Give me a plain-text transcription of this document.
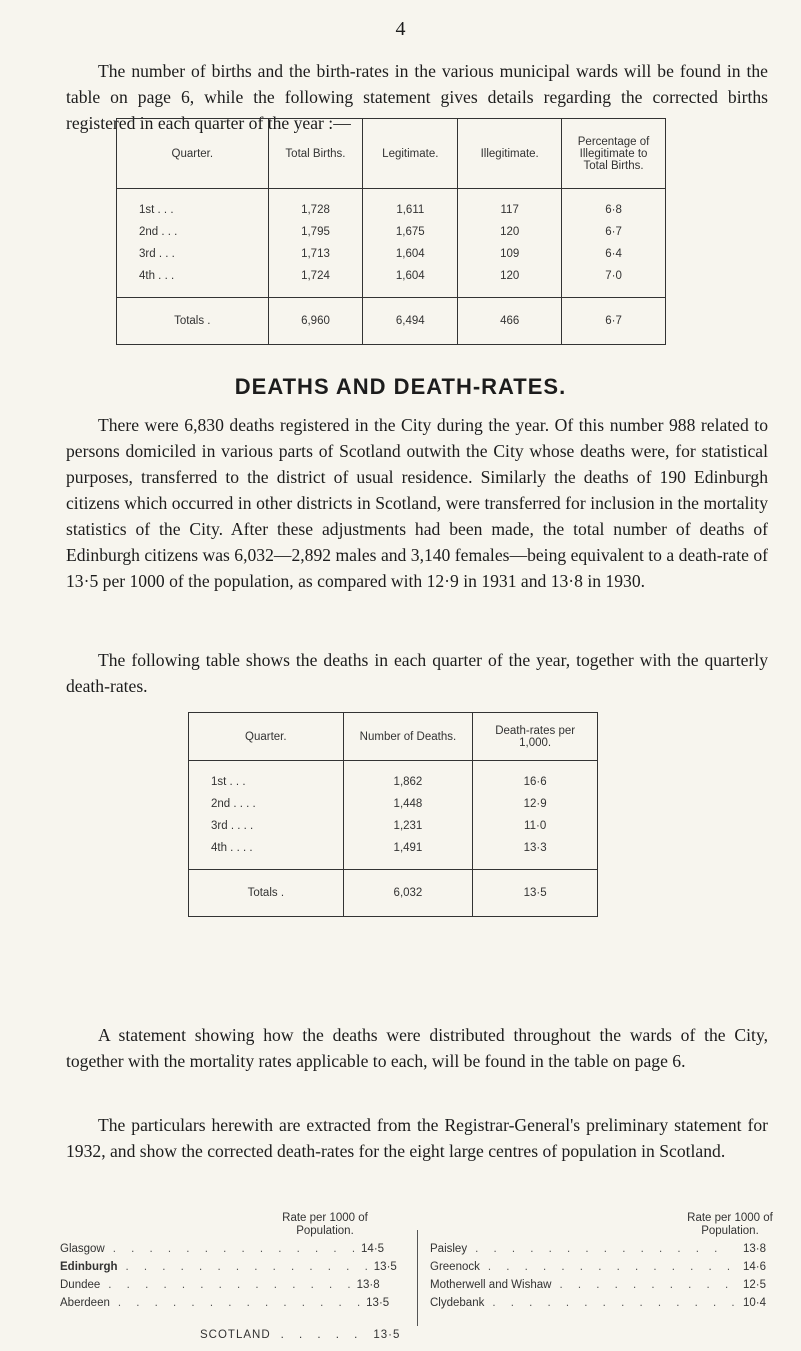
4

The number of births and the birth-rates in the various municipal wards will be found in the table on page 6, while the following statement gives details regarding the corrected births registered in each quarter of the year :—

Quarter.	Total Births.	Legitimate.	Illegitimate.	Percentage of Illegitimate to Total Births.
1st . . .	1,728	1,611	117	6·8
2nd . . .	1,795	1,675	120	6·7
3rd . . .	1,713	1,604	109	6·4
4th . . .	1,724	1,604	120	7·0
Totals .	6,960	6,494	466	6·7
DEATHS AND DEATH-RATES.

There were 6,830 deaths registered in the City during the year. Of this number 988 related to persons domiciled in various parts of Scotland outwith the City whose deaths were, for statistical purposes, transferred to the district of usual residence. Similarly the deaths of 190 Edinburgh citizens which occurred in other districts in Scotland, were transferred for inclusion in the mortality statistics of the City. After these adjustments had been made, the total number of deaths of Edinburgh citizens was 6,032—2,892 males and 3,140 females—being equivalent to a death-rate of 13·5 per 1000 of the population, as compared with 12·9 in 1931 and 13·8 in 1930.

The following table shows the deaths in each quarter of the year, together with the quarterly death-rates.

Quarter.	Number of Deaths.	Death-rates per 1,000.
1st . . .	1,862	16·6
2nd . . . .	1,448	12·9
3rd . . . .	1,231	11·0
4th . . . .	1,491	13·3
Totals .	6,032	13·5

A statement showing how the deaths were distributed throughout the wards of the City, together with the mortality rates applicable to each, will be found in the table on page 6.

The particulars herewith are extracted from the Registrar-General's preliminary statement for 1932, and show the corrected death-rates for the eight large centres of population in Scotland.

Rate per 1000 of Population.
Glasgow . . . . . . . . . . . . . . 14·5
Edinburgh . . . . . . . . . . . . . . 13·5
Dundee . . . . . . . . . . . . . . 13·8
Aberdeen . . . . . . . . . . . . . . 13·5
Rate per 1000 of Population.
Paisley . . . . . . . . . . . . . .	13·8
Greenock . . . . . . . . . . . . . . 14·6
Motherwell and Wishaw . . . . . . . . . . 12·5
Clydebank . . . . . . . . . . . . . . 10·4
SCOTLAND . . . . . 13·5
